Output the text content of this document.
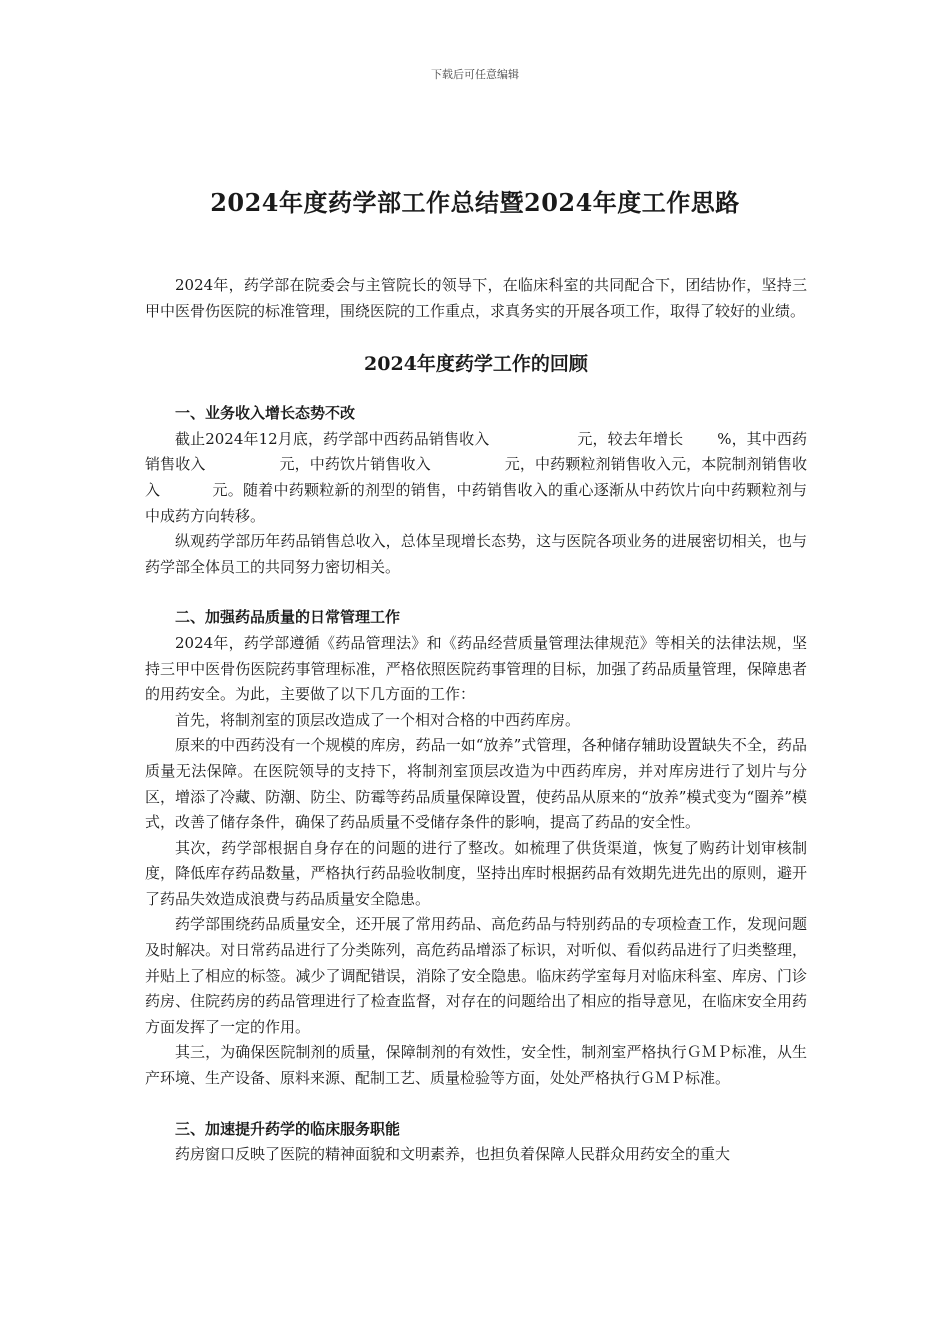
下载后可任意编辑
2024年度药学部工作总结暨2024年度工作思路

2024年，药学部在院委会与主管院长的领导下，在临床科室的共同配合下，团结协作，坚持三甲中医骨伤医院的标准管理，围绕医院的工作重点，求真务实的开展各项工作，取得了较好的业绩。

2024年度药学工作的回顾

一、业务收入增长态势不改

截止2024年12月底，药学部中西药品销售收入	元，较去年增长 %，其中西药销售收入	元，中药饮片销售收入	元，中药颗粒剂销售收入元，本院制剂销售收入	元。随着中药颗粒新的剂型的销售，中药销售收入的重心逐渐从中药饮片向中药颗粒剂与中成药方向转移。

纵观药学部历年药品销售总收入，总体呈现增长态势，这与医院各项业务的进展密切相关，也与药学部全体员工的共同努力密切相关。

二、加强药品质量的日常管理工作

2024年，药学部遵循《药品管理法》和《药品经营质量管理法律规范》等相关的法律法规，坚持三甲中医骨伤医院药事管理标准，严格依照医院药事管理的目标，加强了药品质量管理，保障患者的用药安全。为此，主要做了以下几方面的工作：

首先，将制剂室的顶层改造成了一个相对合格的中西药库房。

原来的中西药没有一个规模的库房，药品一如“放养”式管理，各种储存辅助设置缺失不全，药品质量无法保障。在医院领导的支持下，将制剂室顶层改造为中西药库房，并对库房进行了划片与分区，增添了冷藏、防潮、防尘、防霉等药品质量保障设置，使药品从原来的“放养”模式变为“圈养”模式，改善了储存条件，确保了药品质量不受储存条件的影响，提高了药品的安全性。

其次，药学部根据自身存在的问题的进行了整改。如梳理了供货渠道，恢复了购药计划审核制度，降低库存药品数量，严格执行药品验收制度，坚持出库时根据药品有效期先进先出的原则，避开了药品失效造成浪费与药品质量安全隐患。

药学部围绕药品质量安全，还开展了常用药品、高危药品与特别药品的专项检查工作，发现问题及时解决。对日常药品进行了分类陈列，高危药品增添了标识，对听似、看似药品进行了归类整理，并贴上了相应的标签。减少了调配错误，消除了安全隐患。临床药学室每月对临床科室、库房、门诊药房、住院药房的药品管理进行了检查监督，对存在的问题给出了相应的指导意见，在临床安全用药方面发挥了一定的作用。

其三，为确保医院制剂的质量，保障制剂的有效性，安全性，制剂室严格执行ＧＭＰ标准，从生产环境、生产设备、原料来源、配制工艺、质量检验等方面，处处严格执行ＧＭＰ标准。

三、加速提升药学的临床服务职能

药房窗口反映了医院的精神面貌和文明素养，也担负着保障人民群众用药安全的重大
